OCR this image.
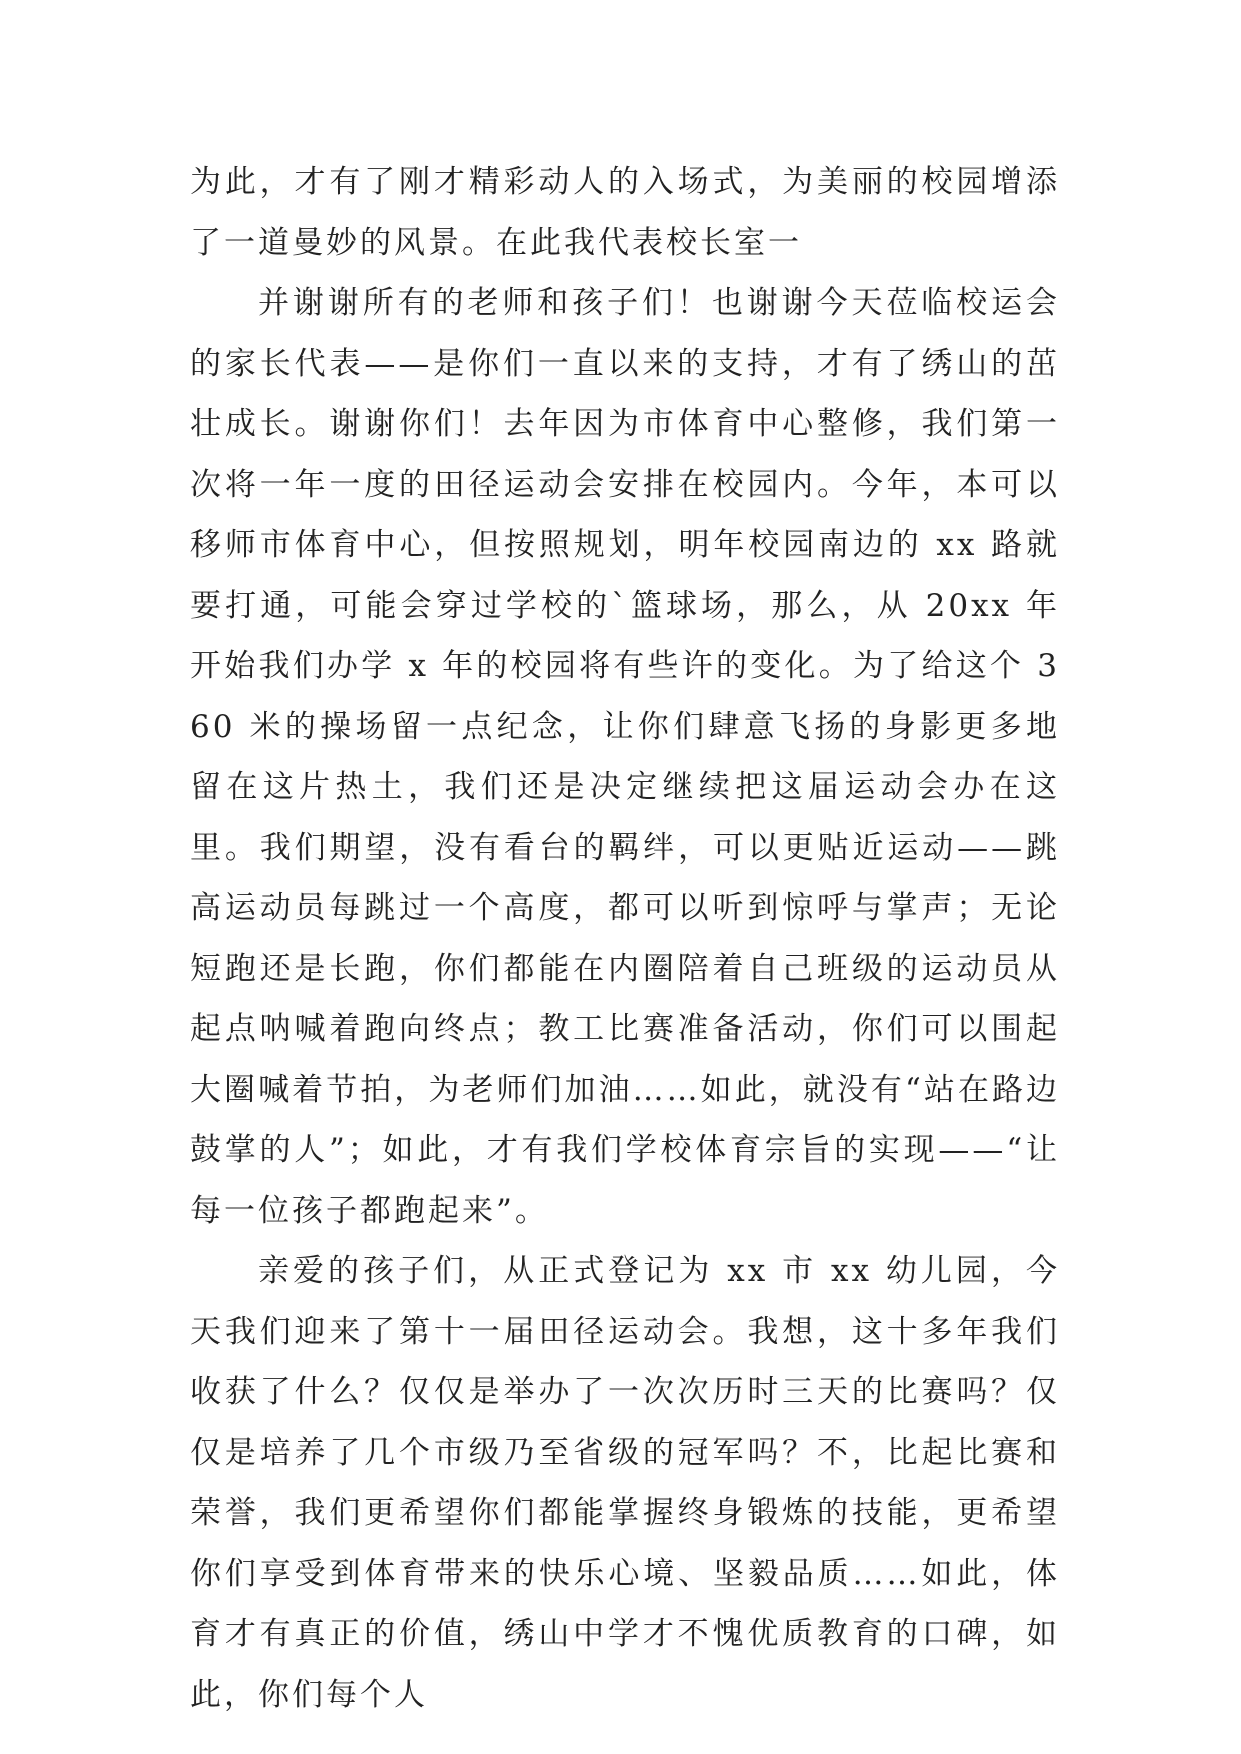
为此，才有了刚才精彩动人的入场式，为美丽的校园增添了一道曼妙的风景。在此我代表校长室一

并谢谢所有的老师和孩子们！也谢谢今天莅临校运会的家长代表——是你们一直以来的支持，才有了绣山的茁壮成长。谢谢你们！去年因为市体育中心整修，我们第一次将一年一度的田径运动会安排在校园内。今年，本可以移师市体育中心，但按照规划，明年校园南边的 xx 路就要打通，可能会穿过学校的`篮球场，那么，从 20xx 年开始我们办学 x 年的校园将有些许的变化。为了给这个 360 米的操场留一点纪念，让你们肆意飞扬的身影更多地留在这片热土，我们还是决定继续把这届运动会办在这里。我们期望，没有看台的羁绊，可以更贴近运动——跳高运动员每跳过一个高度，都可以听到惊呼与掌声；无论短跑还是长跑，你们都能在内圈陪着自己班级的运动员从起点呐喊着跑向终点；教工比赛准备活动，你们可以围起大圈喊着节拍，为老师们加油……如此，就没有“站在路边鼓掌的人”；如此，才有我们学校体育宗旨的实现——“让每一位孩子都跑起来”。

亲爱的孩子们，从正式登记为 xx 市 xx 幼儿园，今天我们迎来了第十一届田径运动会。我想，这十多年我们收获了什么？仅仅是举办了一次次历时三天的比赛吗？仅仅是培养了几个市级乃至省级的冠军吗？不，比起比赛和荣誉，我们更希望你们都能掌握终身锻炼的技能，更希望你们享受到体育带来的快乐心境、坚毅品质……如此，体育才有真正的价值，绣山中学才不愧优质教育的口碑，如此，你们每个人
